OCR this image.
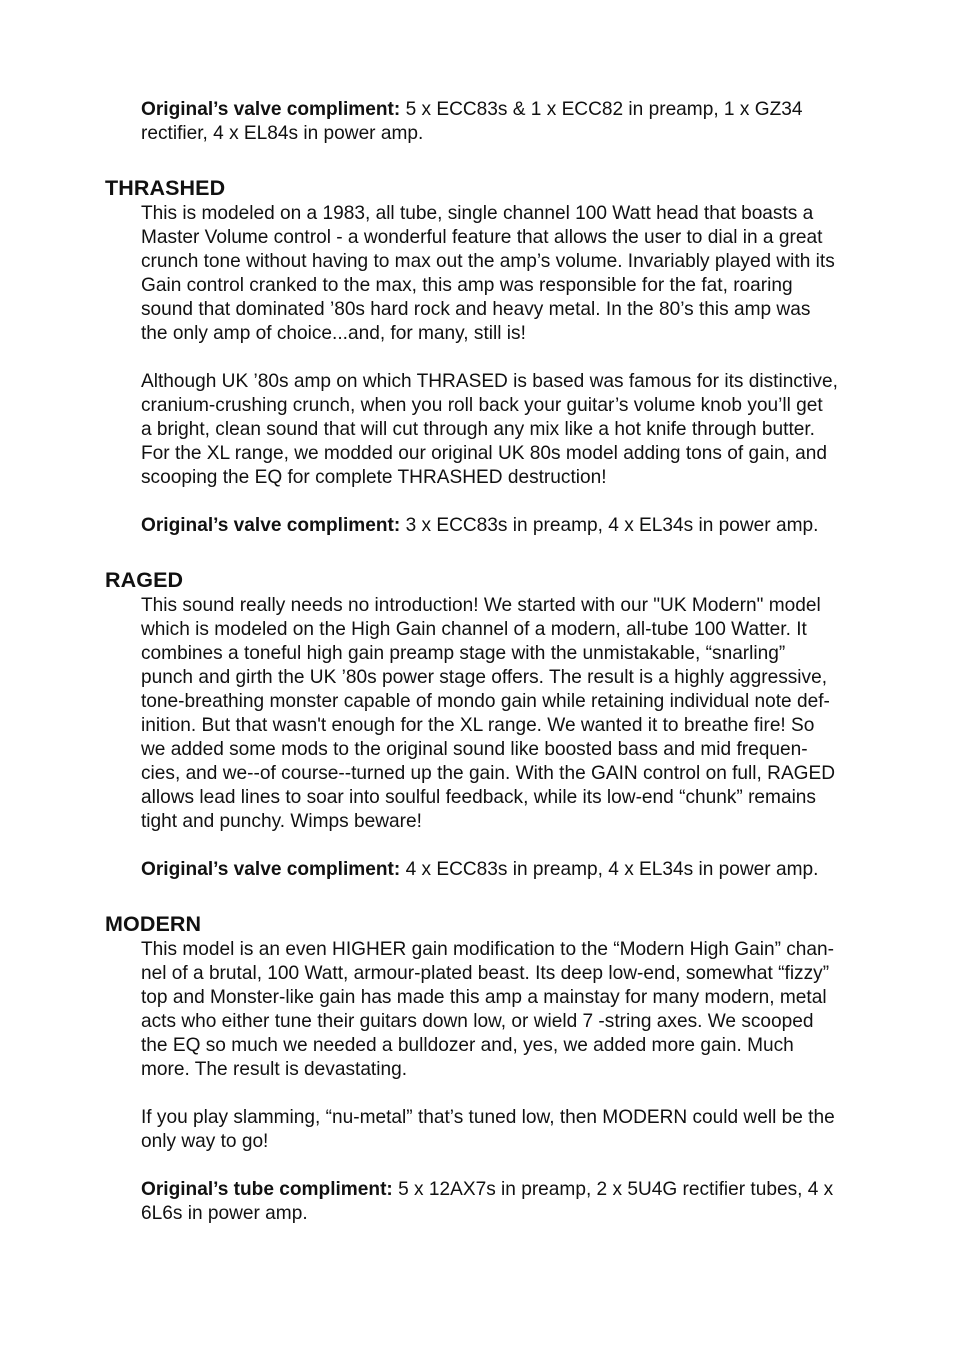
Original’s valve compliment: 5 x ECC83s & 1 x ECC82 in preamp, 1 x GZ34
rectifier, 4 x EL84s in power amp.

THRASHED

This is modeled on a 1983, all tube, single channel 100 Watt head that boasts a
Master Volume control - a wonderful feature that allows the user to dial in a great
crunch tone without having to max out the amp’s volume. Invariably played with its
Gain control cranked to the max, this amp was responsible for the fat, roaring
sound that dominated ’80s hard rock and heavy metal. In the 80’s this amp was
the only amp of choice...and, for many, still is!

Although UK ’80s amp on which THRASED is based was famous for its distinctive,
cranium-crushing crunch, when you roll back your guitar’s volume knob you’ll get
a bright, clean sound that will cut through any mix like a hot knife through butter.
For the XL range, we modded our original UK 80s model adding tons of gain, and
scooping the EQ for complete THRASHED destruction!

Original’s valve compliment: 3 x ECC83s in preamp, 4 x EL34s in power amp.

RAGED

This sound really needs no introduction! We started with our "UK Modern" model
which is modeled on the High Gain channel of a modern, all-tube 100 Watter. It
combines a toneful high gain preamp stage with the unmistakable, “snarling”
punch and girth the UK ’80s power stage offers. The result is a highly aggressive,
tone-breathing monster capable of mondo gain while retaining individual note def-
inition. But that wasn't enough for the XL range. We wanted it to breathe fire! So
we added some mods to the original sound like boosted bass and mid frequen-
cies, and we--of course--turned up the gain. With the GAIN control on full, RAGED
allows lead lines to soar into soulful feedback, while its low-end “chunk” remains
tight and punchy. Wimps beware!

Original’s valve compliment: 4 x ECC83s in preamp, 4 x EL34s in power amp.

MODERN

This model is an even HIGHER gain modification to the “Modern High Gain” chan-
nel of a brutal, 100 Watt, armour-plated beast. Its deep low-end, somewhat “fizzy”
top and Monster-like gain has made this amp a mainstay for many modern, metal
acts who either tune their guitars down low, or wield 7 -string axes. We scooped
the EQ so much we needed a bulldozer and, yes, we added more gain. Much
more. The result is devastating.

If you play slamming, “nu-metal” that’s tuned low, then MODERN could well be the
only way to go!

Original’s tube compliment: 5 x 12AX7s in preamp, 2 x 5U4G rectifier tubes, 4 x
6L6s in power amp.
